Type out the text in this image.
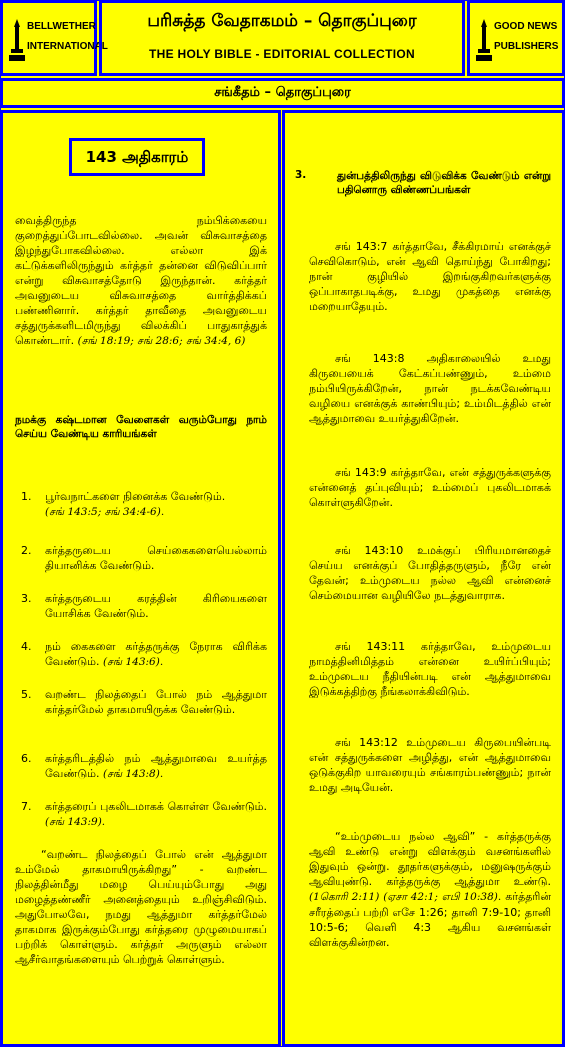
BELLWETHER
INTERNATIONAL
பரிசுத்த வேதாகமம் – தொகுப்புரை
THE HOLY BIBLE - EDITORIAL COLLECTION
GOOD NEWS
PUBLISHERS
சங்கீதம் – தொகுப்புரை
143 அதிகாரம்
வைத்திருந்த நம்பிக்கையை குறைத்துப்போடவில்லை. அவன் விசுவாசத்தை இழந்துபோகவில்லை. எல்லா இக் கட்டுக்களிலிருந்தும் கர்த்தர் தன்னை விடுவிப்பார் என்று விசுவாசத்தோடு இருந்தான். கர்த்தர் அவனுடைய விசுவாசத்தை வார்த்திக்கப் பண்ணினார். கர்த்தர் தாவீதை அவனுடைய சத்துருக்களிடமிருந்து விலக்கிப் பாதுகாத்துக் கொண்டார். (சங் 18:19; சங் 28:6; சங் 34:4, 6)
நமக்கு கஷ்டமான வேளைகள் வரும்போது நாம் செய்ய வேண்டிய காரியங்கள்
1.	பூர்வநாட்களை நினைக்க வேண்டும்.
(சங் 143:5; சங் 34:4-6).
2.	கர்த்தருடைய செய்கைகளையெல்லாம் தியானிக்க வேண்டும்.
3.	கர்த்தருடைய கரத்தின் கிரியைகளை யோசிக்க வேண்டும்.
4.	நம் கைகளை கர்த்தருக்கு நேராக விரிக்க வேண்டும். (சங் 143:6).
5.	வறண்ட நிலத்தைப் போல் நம் ஆத்துமா கர்த்தர்மேல் தாகமாயிருக்க வேண்டும்.
6.	கர்த்தரிடத்தில் நம் ஆத்துமாவை உயர்த்த வேண்டும். (சங் 143:8).
7.	கர்த்தரைப் புகலிடமாகக் கொள்ள வேண்டும். (சங் 143:9).
“வறண்ட நிலத்தைப் போல் என் ஆத்துமா உம்மேல் தாகமாயிருக்கிறது” - வறண்ட நிலத்தின்மீது மழை பெய்யும்போது அது மழைத்தண்ணீர் அனைத்தையும் உறிஞ்சிவிடும். அதுபோலவே, நமது ஆத்துமா கர்த்தர்மேல் தாகமாக இருக்கும்போது கர்த்தரை முழுமையாகப் பற்றிக் கொள்ளும். கர்த்தர் அருளும் எல்லா ஆசீர்வாதங்களையும் பெற்றுக் கொள்ளும்.
3.	துன்பத்திலிருந்து விடுவிக்க வேண்டும் என்று பதினொரு விண்ணப்பங்கள்
சங் 143:7 கர்த்தாவே, சீக்கிரமாய் எனக்குச் செவிகொடும், என் ஆவி தொய்ந்து போகிறது; நான் குழியில் இறங்குகிறவர்களுக்கு ஒப்பாகாதபடிக்கு, உமது முகத்தை எனக்கு மறையாதேயும்.
சங் 143:8 அதிகாலையில் உமது கிருபையைக் கேட்கப்பண்ணும், உம்மை நம்பியிருக்கிறேன், நான் நடக்கவேண்டிய வழியை எனக்குக் காண்பியும்; உம்மிடத்தில் என் ஆத்துமாவை உயர்த்துகிறேன்.
சங் 143:9 கர்த்தாவே, என் சத்துருக்களுக்கு என்னைத் தப்புவியும்; உம்மைப் புகலிடமாகக் கொள்ளுகிறேன்.
சங் 143:10 உமக்குப் பிரியமானதைச் செய்ய எனக்குப் போதித்தருளும், நீரே என் தேவன்; உம்முடைய நல்ல ஆவி என்னைச் செம்மையான வழியிலே நடத்துவாராக.
சங் 143:11 கர்த்தாவே, உம்முடைய நாமத்தினிமித்தம் என்னை உயிர்ப்பியும்; உம்முடைய நீதியின்படி என் ஆத்துமாவை இடுக்கத்திற்கு நீங்கலாக்கிவிடும்.
சங் 143:12 உம்முடைய கிருபையின்படி என் சத்துருக்களை அழித்து, என் ஆத்துமாவை ஒடுக்குகிற யாவரையும் சங்காரம்பண்ணும்; நான் உமது அடியேன்.
“உம்முடைய நல்ல ஆவி” - கர்த்தருக்கு ஆவி உண்டு என்று விளக்கும் வசனங்களில் இதுவும் ஒன்று. தூதர்களுக்கும், மனுஷருக்கும் ஆவியுண்டு. கர்த்தருக்கு ஆத்துமா உண்டு. (1கொரி 2:11) (ஏசா 42:1; எபி 10:38). கர்த்தரின் சரீரத்தைப் பற்றி எசே 1:26; தானி 7:9-10; தானி 10:5-6; வெளி 4:3 ஆகிய வசனங்கள் விளக்குகின்றன.
